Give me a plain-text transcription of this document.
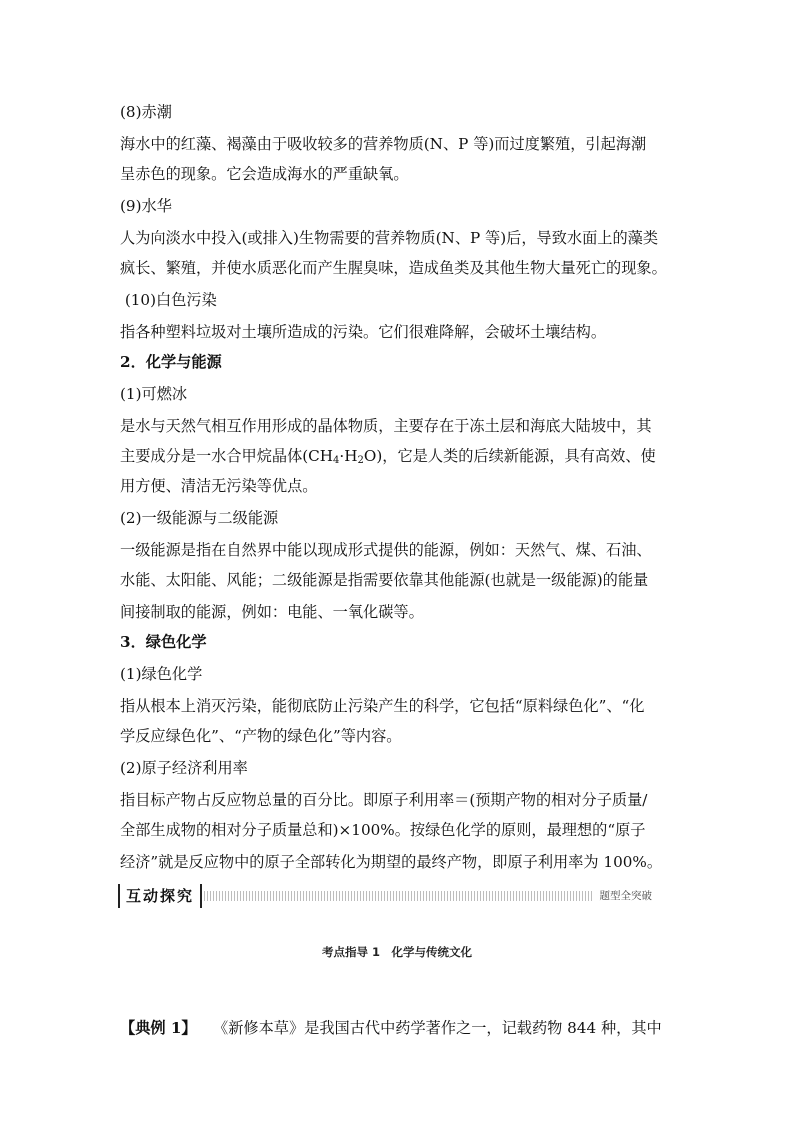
(8)赤潮
海水中的红藻、褐藻由于吸收较多的营养物质(N、P 等)而过度繁殖，引起海潮
呈赤色的现象。它会造成海水的严重缺氧。
(9)水华
人为向淡水中投入(或排入)生物需要的营养物质(N、P 等)后，导致水面上的藻类
疯长、繁殖，并使水质恶化而产生腥臭味，造成鱼类及其他生物大量死亡的现象。
(10)白色污染
指各种塑料垃圾对土壤所造成的污染。它们很难降解，会破坏土壤结构。
2．化学与能源
(1)可燃冰
是水与天然气相互作用形成的晶体物质，主要存在于冻土层和海底大陆坡中，其
主要成分是一水合甲烷晶体$(CH_4\cdot H_2O)$，它是人类的后续新能源，具有高效、使
用方便、清洁无污染等优点。
(2)一级能源与二级能源
一级能源是指在自然界中能以现成形式提供的能源，例如：天然气、煤、石油、
水能、太阳能、风能；二级能源是指需要依靠其他能源(也就是一级能源)的能量
间接制取的能源，例如：电能、一氧化碳等。
3．绿色化学
(1)绿色化学
指从根本上消灭污染，能彻底防止污染产生的科学，它包括“原料绿色化”、“化
学反应绿色化”、“产物的绿色化”等内容。
(2)原子经济利用率
指目标产物占反应物总量的百分比。即原子利用率＝(预期产物的相对分子质量/
全部生成物的相对分子质量总和)×100%。按绿色化学的原则，最理想的“原子
经济”就是反应物中的原子全部转化为期望的最终产物，即原子利用率为 100%。
互动探究	题型全突破
考点指导 1　化学与传统文化
【典例 1】 《新修本草》是我国古代中药学著作之一，记载药物 844 种，其中
